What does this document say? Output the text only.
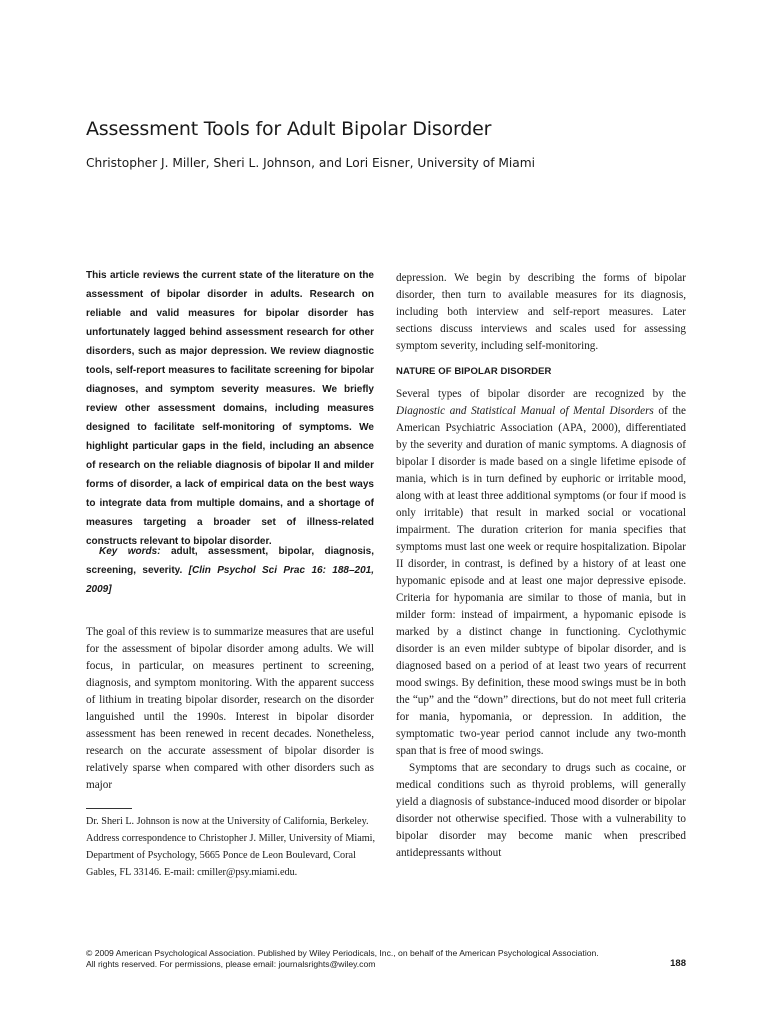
Assessment Tools for Adult Bipolar Disorder

Christopher J. Miller, Sheri L. Johnson, and Lori Eisner, University of Miami

This article reviews the current state of the literature on the assessment of bipolar disorder in adults. Research on reliable and valid measures for bipolar disorder has unfortunately lagged behind assessment research for other disorders, such as major depression. We review diagnostic tools, self-report measures to facilitate screening for bipolar diagnoses, and symptom severity measures. We briefly review other assessment domains, including measures designed to facilitate self-monitoring of symptoms. We highlight particular gaps in the field, including an absence of research on the reliable diagnosis of bipolar II and milder forms of disorder, a lack of empirical data on the best ways to integrate data from multiple domains, and a shortage of measures targeting a broader set of illness-related constructs relevant to bipolar disorder.

Key words: adult, assessment, bipolar, diagnosis, screening, severity. [Clin Psychol Sci Prac 16: 188–201, 2009]

The goal of this review is to summarize measures that are useful for the assessment of bipolar disorder among adults. We will focus, in particular, on measures pertinent to screening, diagnosis, and symptom monitoring. With the apparent success of lithium in treating bipolar disorder, research on the disorder languished until the 1990s. Interest in bipolar disorder assessment has been renewed in recent decades. Nonetheless, research on the accurate assessment of bipolar disorder is relatively sparse when compared with other disorders such as major

Dr. Sheri L. Johnson is now at the University of California, Berkeley.

Address correspondence to Christopher J. Miller, University of Miami, Department of Psychology, 5665 Ponce de Leon Boulevard, Coral Gables, FL 33146. E-mail: cmiller@psy.miami.edu.

depression. We begin by describing the forms of bipolar disorder, then turn to available measures for its diagnosis, including both interview and self-report measures. Later sections discuss interviews and scales used for assessing symptom severity, including self-monitoring.

NATURE OF BIPOLAR DISORDER

Several types of bipolar disorder are recognized by the Diagnostic and Statistical Manual of Mental Disorders of the American Psychiatric Association (APA, 2000), differentiated by the severity and duration of manic symptoms. A diagnosis of bipolar I disorder is made based on a single lifetime episode of mania, which is in turn defined by euphoric or irritable mood, along with at least three additional symptoms (or four if mood is only irritable) that result in marked social or vocational impairment. The duration criterion for mania specifies that symptoms must last one week or require hospitalization. Bipolar II disorder, in contrast, is defined by a history of at least one hypomanic episode and at least one major depressive episode. Criteria for hypomania are similar to those of mania, but in milder form: instead of impairment, a hypomanic episode is marked by a distinct change in functioning. Cyclothymic disorder is an even milder subtype of bipolar disorder, and is diagnosed based on a period of at least two years of recurrent mood swings. By definition, these mood swings must be in both the “up” and the “down” directions, but do not meet full criteria for mania, hypomania, or depression. In addition, the symptomatic two-year period cannot include any two-month span that is free of mood swings.

Symptoms that are secondary to drugs such as cocaine, or medical conditions such as thyroid problems, will generally yield a diagnosis of substance-induced mood disorder or bipolar disorder not otherwise specified. Those with a vulnerability to bipolar disorder may become manic when prescribed antidepressants without

© 2009 American Psychological Association. Published by Wiley Periodicals, Inc., on behalf of the American Psychological Association.
All rights reserved. For permissions, please email: journalsrights@wiley.com	188
